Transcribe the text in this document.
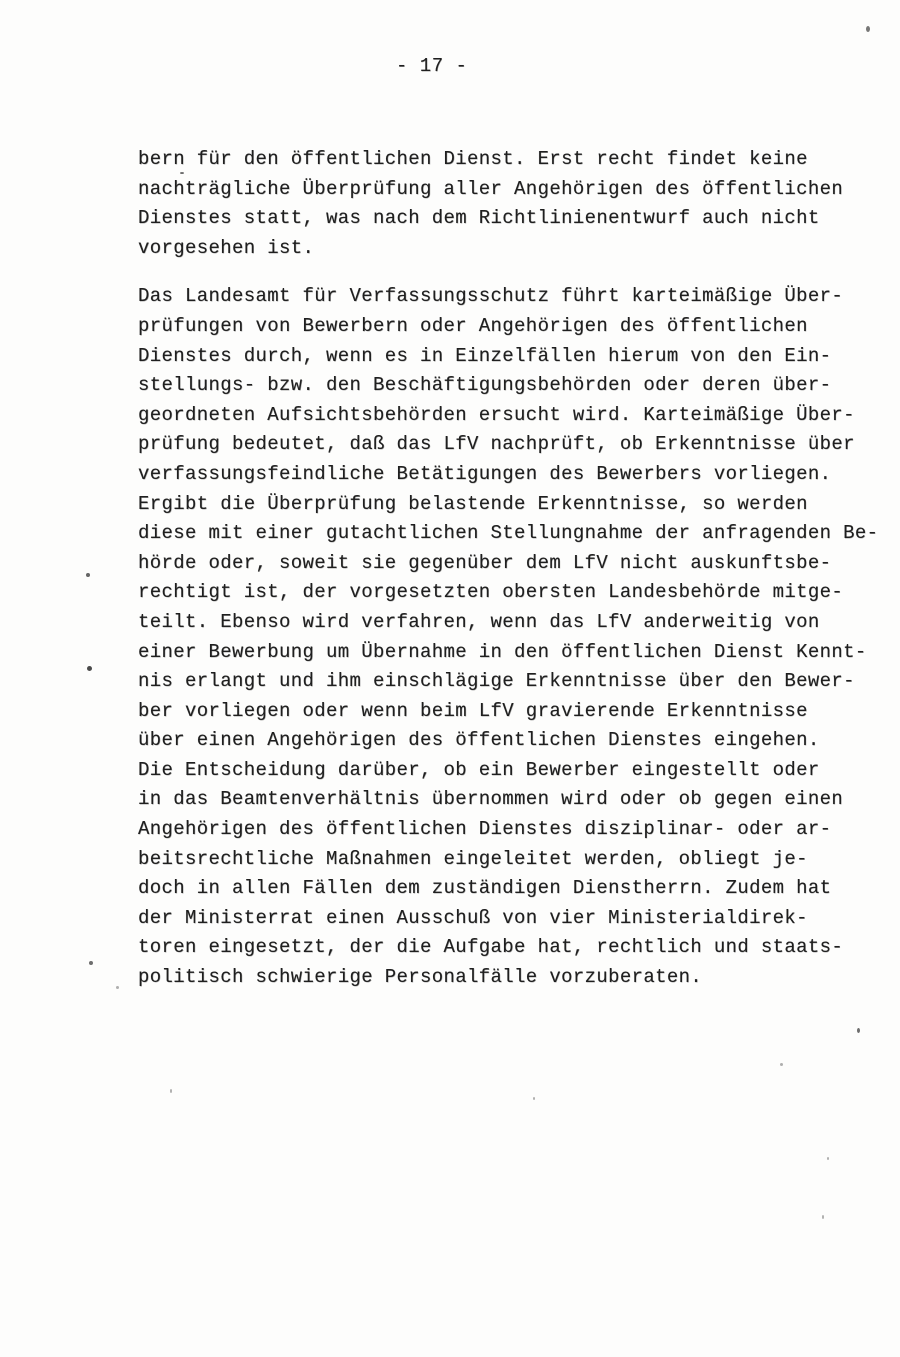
- 17 -
bern für den öffentlichen Dienst. Erst recht findet keine
nachträgliche Überprüfung aller Angehörigen des öffentlichen
Dienstes statt, was nach dem Richtlinienentwurf auch nicht
vorgesehen ist.
Das Landesamt für Verfassungsschutz führt karteimäßige Über-
prüfungen von Bewerbern oder Angehörigen des öffentlichen
Dienstes durch, wenn es in Einzelfällen hierum von den Ein-
stellungs- bzw. den Beschäftigungsbehörden oder deren über-
geordneten Aufsichtsbehörden ersucht wird. Karteimäßige Über-
prüfung bedeutet, daß das LfV nachprüft, ob Erkenntnisse über
verfassungsfeindliche Betätigungen des Bewerbers vorliegen.
Ergibt die Überprüfung belastende Erkenntnisse, so werden
diese mit einer gutachtlichen Stellungnahme der anfragenden Be-
hörde oder, soweit sie gegenüber dem LfV nicht auskunftsbe-
rechtigt ist, der vorgesetzten obersten Landesbehörde mitge-
teilt. Ebenso wird verfahren, wenn das LfV anderweitig von
einer Bewerbung um Übernahme in den öffentlichen Dienst Kennt-
nis erlangt und ihm einschlägige Erkenntnisse über den Bewer-
ber vorliegen oder wenn beim LfV gravierende Erkenntnisse
über einen Angehörigen des öffentlichen Dienstes eingehen.
Die Entscheidung darüber, ob ein Bewerber eingestellt oder
in das Beamtenverhältnis übernommen wird oder ob gegen einen
Angehörigen des öffentlichen Dienstes disziplinar- oder ar-
beitsrechtliche Maßnahmen eingeleitet werden, obliegt je-
doch in allen Fällen dem zuständigen Dienstherrn. Zudem hat
der Ministerrat einen Ausschuß von vier Ministerialdirek-
toren eingesetzt, der die Aufgabe hat, rechtlich und staats-
politisch schwierige Personalfälle vorzuberaten.
